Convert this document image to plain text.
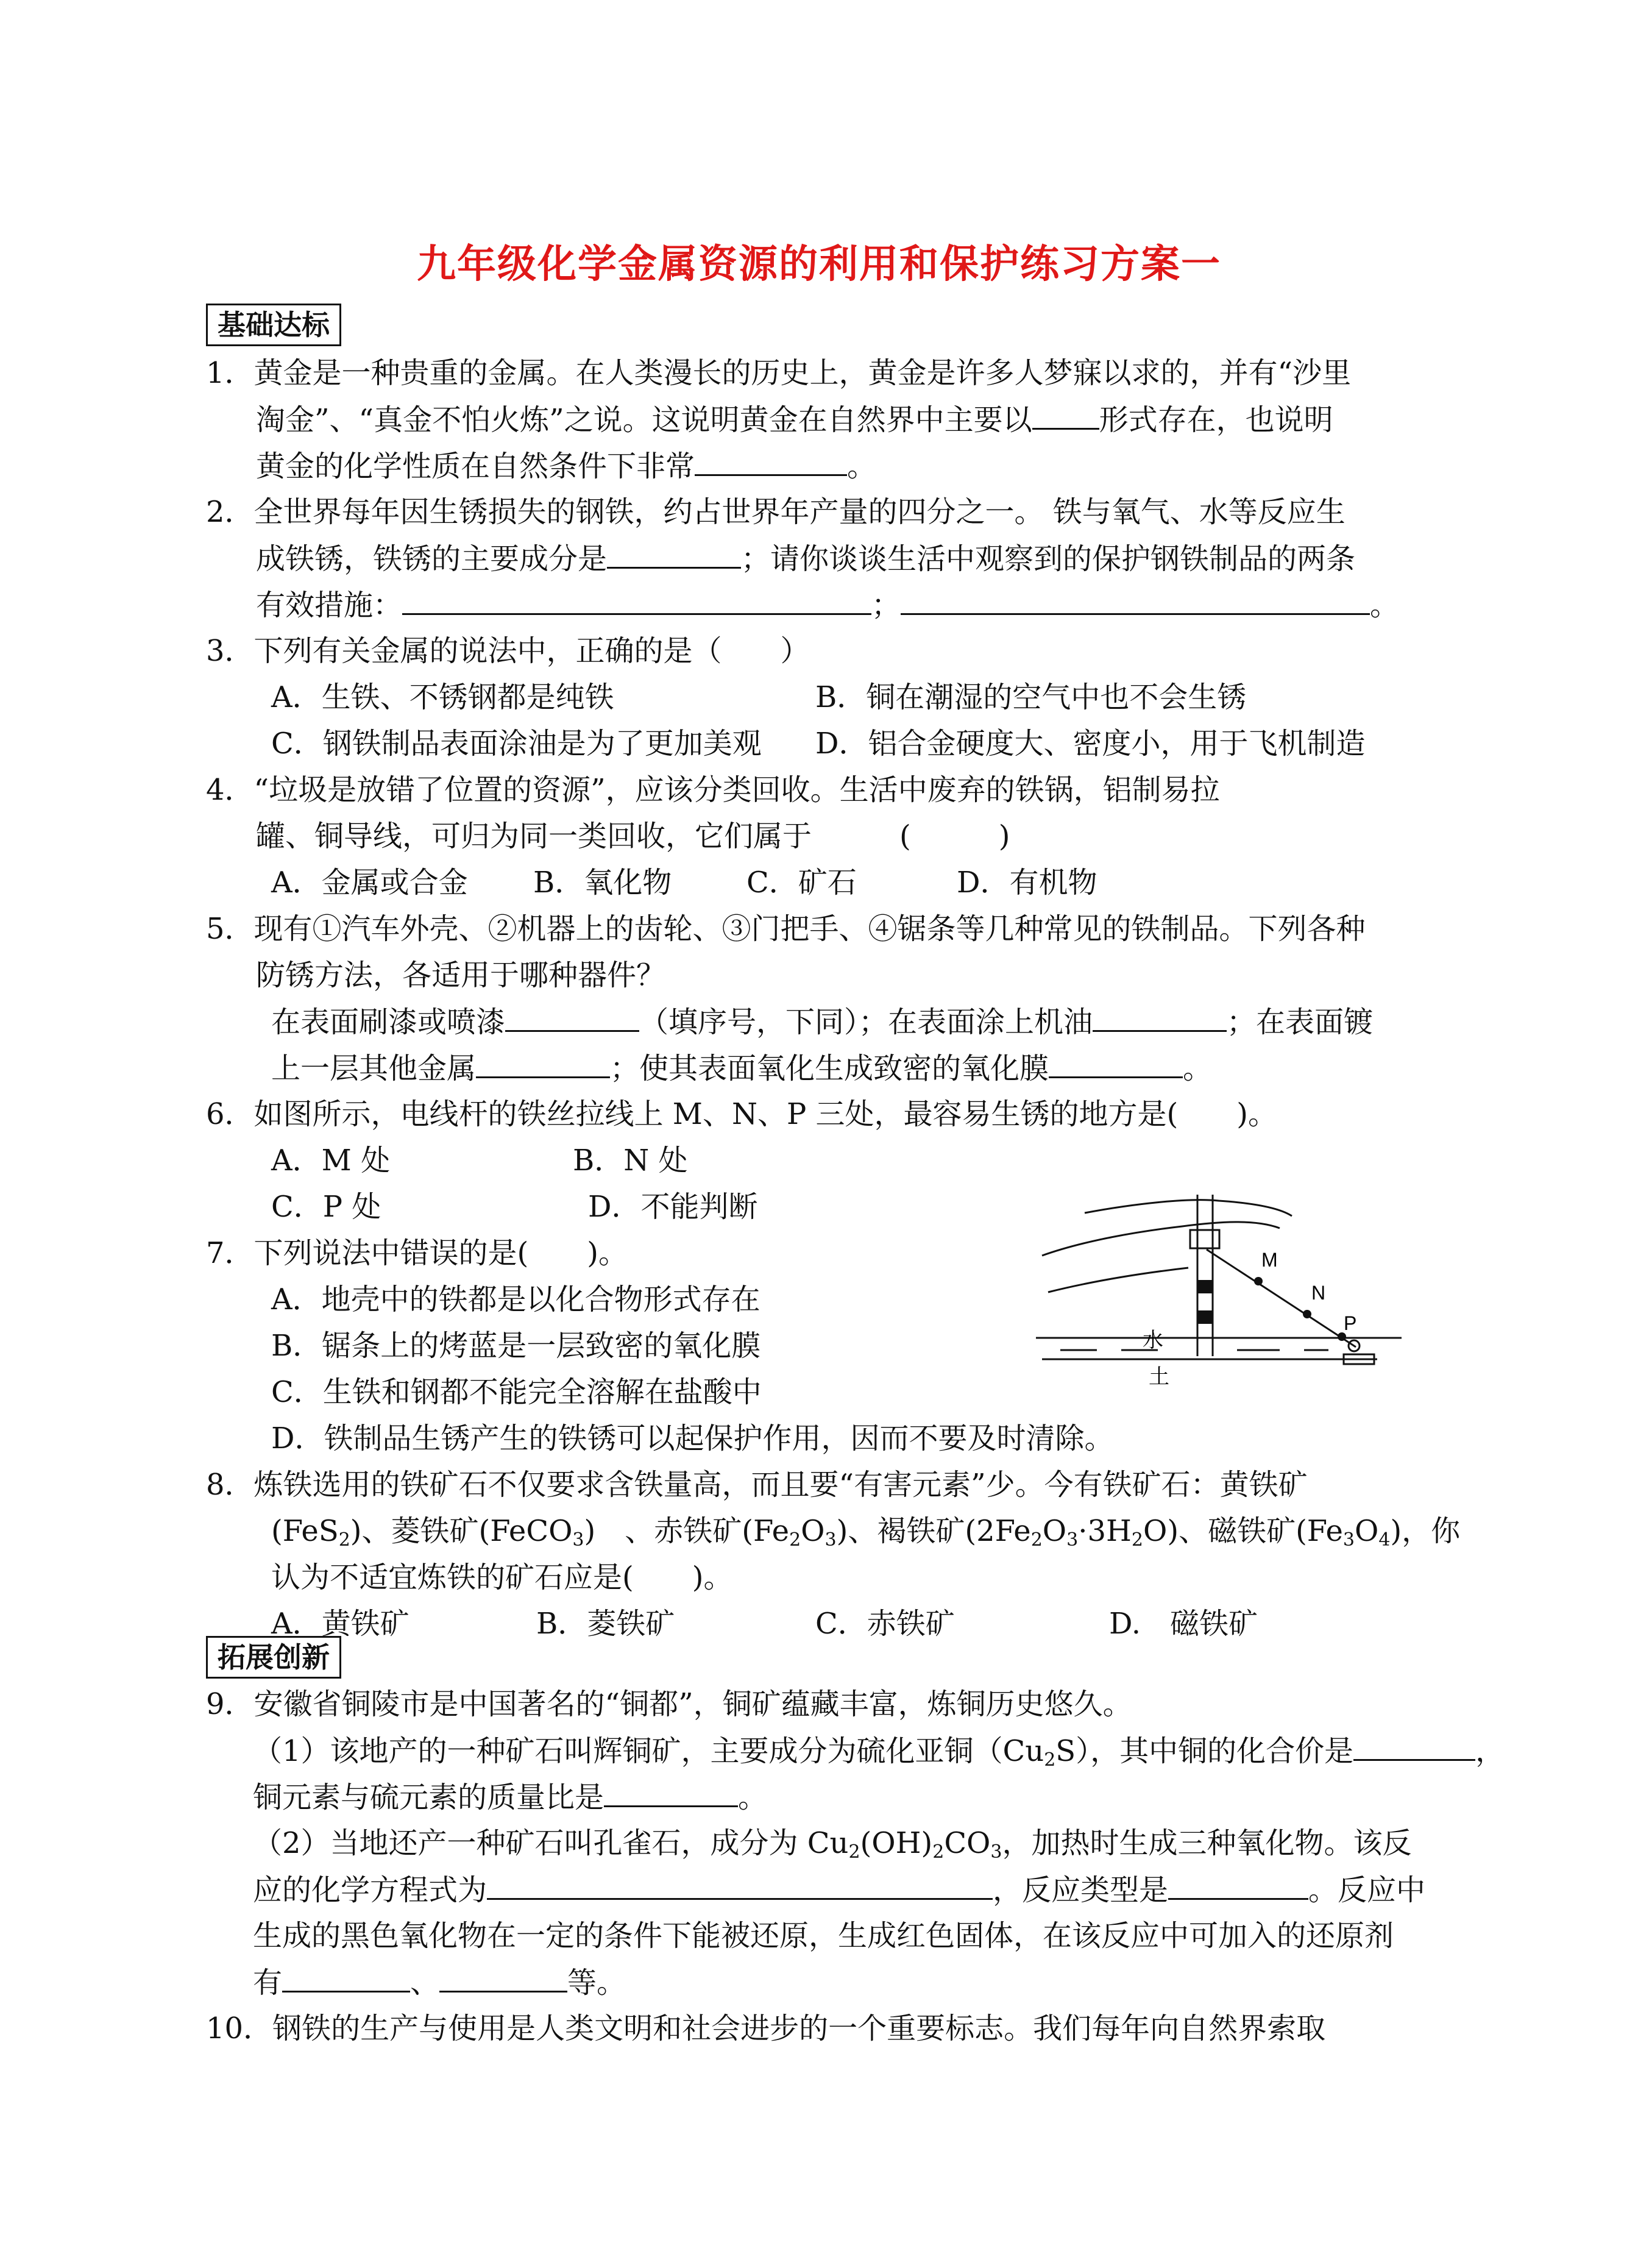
九年级化学金属资源的利用和保护练习方案一
基础达标
1．黄金是一种贵重的金属。在人类漫长的历史上，黄金是许多人梦寐以求的，并有“沙里
淘金”、“真金不怕火炼”之说。这说明黄金在自然界中主要以 形式存在，也说明
黄金的化学性质在自然条件下非常	。
2．全世界每年因生锈损失的钢铁，约占世界年产量的四分之一。 铁与氧气、水等反应生
成铁锈，铁锈的主要成分是	；请你谈谈生活中观察到的保护钢铁制品的两条
有效措施：	；	。
3．下列有关金属的说法中，正确的是（　　）
A．生铁、不锈钢都是纯铁	B．铜在潮湿的空气中也不会生锈
C．钢铁制品表面涂油是为了更加美观 D．铝合金硬度大、密度小，用于飞机制造
4．“垃圾是放错了位置的资源”，应该分类回收。生活中废弃的铁锅，铝制易拉
罐、铜导线，可归为同一类回收，它们属于　　　(　　　)
A．金属或合金 B．氧化物	C．矿石	D．有机物
5．现有①汽车外壳、②机器上的齿轮、③门把手、④锯条等几种常见的铁制品。下列各种
防锈方法，各适用于哪种器件？
在表面刷漆或喷漆	（填序号，下同）；在表面涂上机油	；在表面镀
上一层其他金属	；使其表面氧化生成致密的氧化膜	。
6．如图所示，电线杆的铁丝拉线上 M、N、P 三处，最容易生锈的地方是(　　)。
A．M 处	B．N 处
C．P 处	D．不能判断
M
N
P
水
土
7．下列说法中错误的是(　　)。
A．地壳中的铁都是以化合物形式存在
B．锯条上的烤蓝是一层致密的氧化膜
C．生铁和钢都不能完全溶解在盐酸中
D．铁制品生锈产生的铁锈可以起保护作用，因而不要及时清除。
8．炼铁选用的铁矿石不仅要求含铁量高，而且要“有害元素”少。今有铁矿石：黄铁矿
(FeS$_2$)、菱铁矿(FeCO$_3$)　、赤铁矿$(Fe_2O_3)$、褐铁矿$(2Fe_2O_3\cdot 3H_2O)$、磁铁矿$(Fe_3O_4)$，你
认为不适宜炼铁的矿石应是(　　)。
A．黄铁矿	B．菱铁矿	C．赤铁矿	D.　磁铁矿
拓展创新
9．安徽省铜陵市是中国著名的“铜都”，铜矿蕴藏丰富，炼铜历史悠久。
（1）该地产的一种矿石叫辉铜矿，主要成分为硫化亚铜$(Cu_2S)$，其中铜的化合价是	，
铜元素与硫元素的质量比是	。
（2）当地还产一种矿石叫孔雀石，成分为 $Cu_2(OH)_2CO_3$，加热时生成三种氧化物。该反
应的化学方程式为	，反应类型是	。反应中
生成的黑色氧化物在一定的条件下能被还原，生成红色固体，在该反应中可加入的还原剂
有	、	等。
10．钢铁的生产与使用是人类文明和社会进步的一个重要标志。我们每年向自然界索取
